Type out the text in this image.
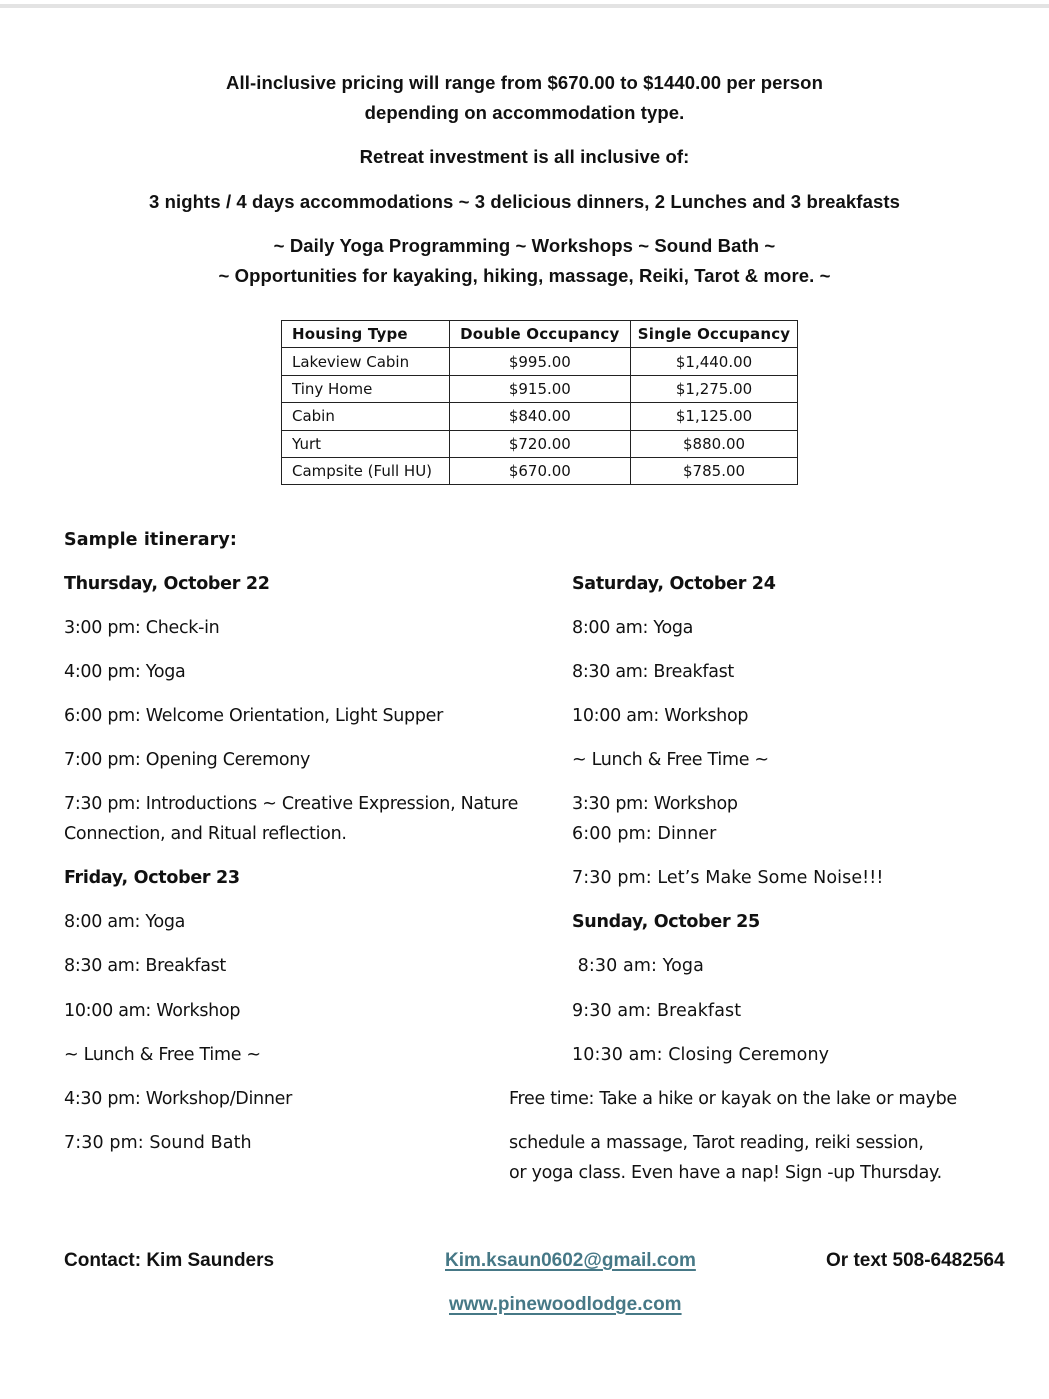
All-inclusive pricing will range from $670.00 to $1440.00 per person
depending on accommodation type.
Retreat investment is all inclusive of:
3 nights / 4 days accommodations ~ 3 delicious dinners, 2 Lunches and 3 breakfasts
~ Daily Yoga Programming ~ Workshops ~ Sound Bath ~
~ Opportunities for kayaking, hiking, massage, Reiki, Tarot & more. ~
Housing Type	Double Occupancy	Single Occupancy
Lakeview Cabin	$995.00	$1,440.00
Tiny Home	$915.00	$1,275.00
Cabin	$840.00	$1,125.00
Yurt	$720.00	$880.00
Campsite (Full HU)	$670.00	$785.00
Sample itinerary:
Thursday, October 22
3:00 pm: Check-in
4:00 pm: Yoga
6:00 pm: Welcome Orientation, Light Supper
7:00 pm: Opening Ceremony
7:30 pm: Introductions ~ Creative Expression, Nature
Connection, and Ritual reflection.
Friday, October 23
8:00 am: Yoga
8:30 am: Breakfast
10:00 am: Workshop
~ Lunch & Free Time ~
4:30 pm: Workshop/Dinner
7:30 pm: Sound Bath
Saturday, October 24
8:00 am: Yoga
8:30 am: Breakfast
10:00 am: Workshop
~ Lunch & Free Time ~
3:30 pm: Workshop
6:00 pm: Dinner
7:30 pm: Let’s Make Some Noise!!!
Sunday, October 25
8:30 am: Yoga
9:30 am: Breakfast
10:30 am: Closing Ceremony
Free time: Take a hike or kayak on the lake or maybe
schedule a massage, Tarot reading, reiki session,
or yoga class. Even have a nap! Sign -up Thursday.
Contact: Kim Saunders	Kim.ksaun0602@gmail.com	Or text 508-6482564
www.pinewoodlodge.com
